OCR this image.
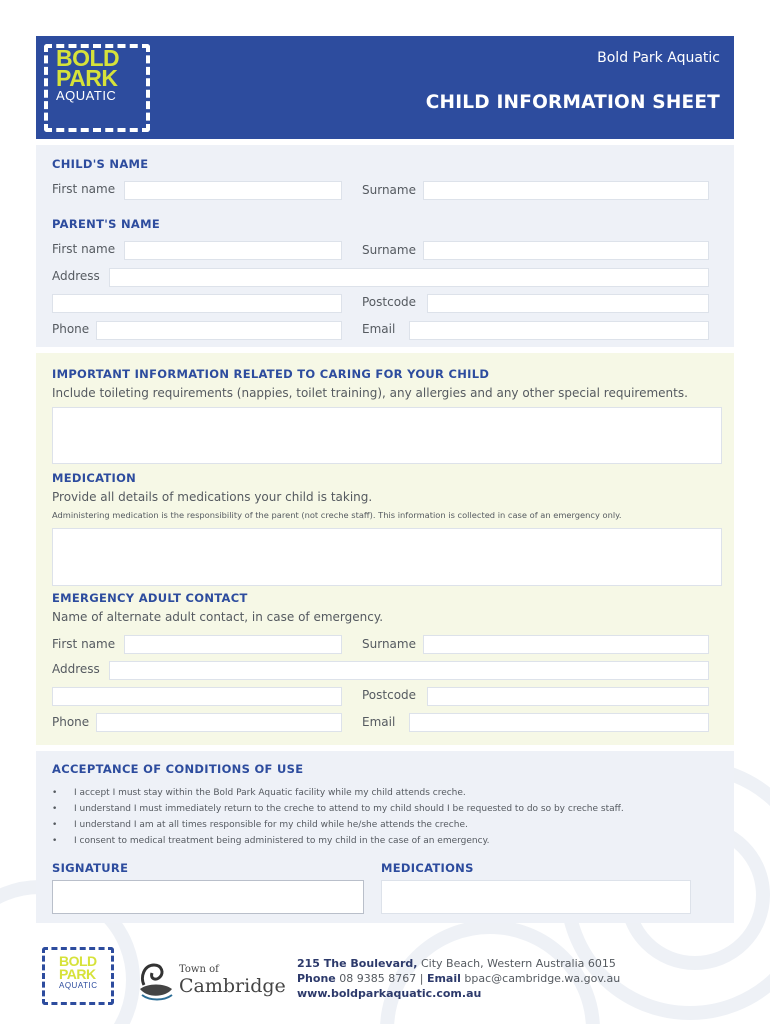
BOLD
PARK
AQUATIC
Bold Park Aquatic
CHILD INFORMATION SHEET
CHILD'S NAME
First name	Surname
PARENT'S NAME
First name	Surname
Address
Postcode
Phone	Email
IMPORTANT INFORMATION RELATED TO CARING FOR YOUR CHILD
Include toileting requirements (nappies, toilet training), any allergies and any other special requirements.
MEDICATION
Provide all details of medications your child is taking.
Administering medication is the responsibility of the parent (not creche staff). This information is collected in case of an emergency only.
EMERGENCY ADULT CONTACT
Name of alternate adult contact, in case of emergency.
First name	Surname
Address
Postcode
Phone	Email
ACCEPTANCE OF CONDITIONS OF USE
• I accept I must stay within the Bold Park Aquatic facility while my child attends creche.
• I understand I must immediately return to the creche to attend to my child should I be requested to do so by creche staff.
• I understand I am at all times responsible for my child while he/she attends the creche.
• I consent to medical treatment being administered to my child in the case of an emergency.
SIGNATURE	MEDICATIONS
BOLD
PARK
AQUATIC
Town of
Cambridge
215 The Boulevard, City Beach, Western Australia 6015
Phone 08 9385 8767 | Email bpac@cambridge.wa.gov.au
www.boldparkaquatic.com.au
